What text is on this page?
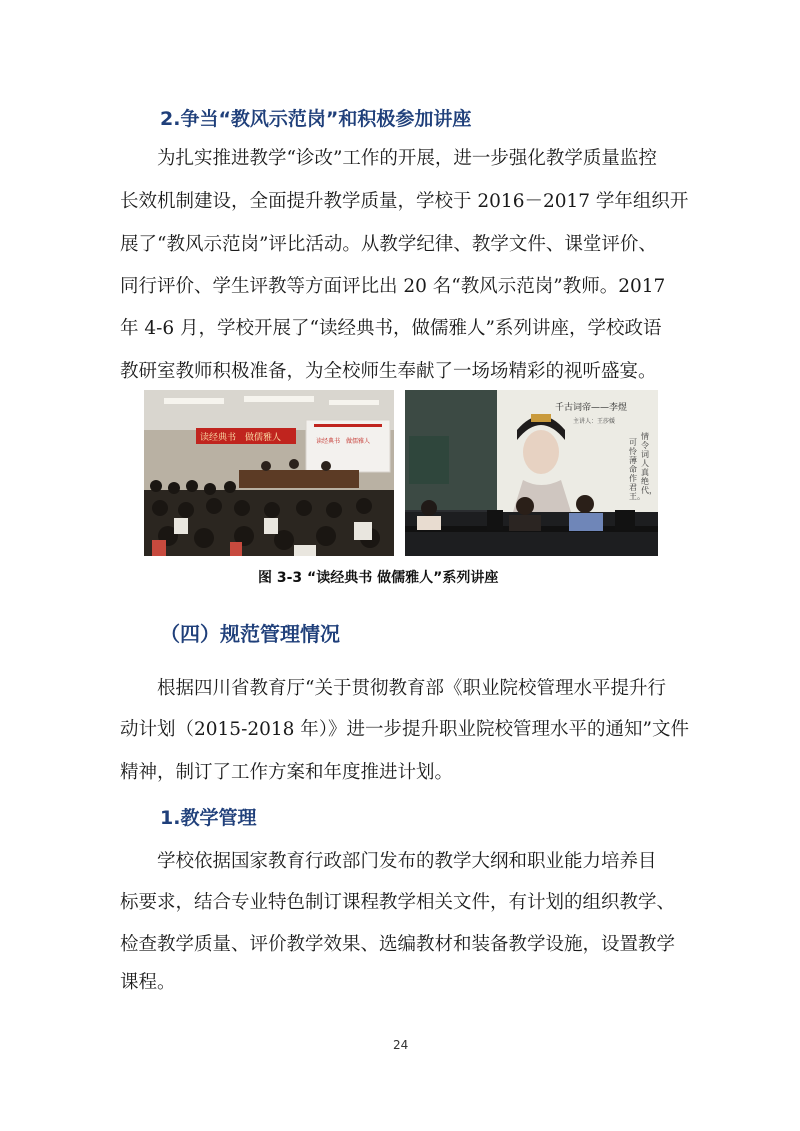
2.争当“教风示范岗”和积极参加讲座
　　为扎实推进教学“诊改”工作的开展，进一步强化教学质量监控
长效机制建设，全面提升教学质量，学校于 2016－2017 学年组织开
展了“教风示范岗”评比活动。从教学纪律、教学文件、课堂评价、
同行评价、学生评教等方面评比出 20 名“教风示范岗”教师。2017
年 4-6 月，学校开展了“读经典书，做儒雅人”系列讲座，学校政语
教研室教师积极准备，为全校师生奉献了一场场精彩的视听盛宴。
读经典书　做儒雅人	读经典书　做儒雅人
千古词帝——李煜
主讲人：王莎媛
情令词人真绝代，
可怜薄命作君王。
图 3-3 “读经典书 做儒雅人”系列讲座
（四）规范管理情况
　　根据四川省教育厅“关于贯彻教育部《职业院校管理水平提升行
动计划（2015-2018 年）》进一步提升职业院校管理水平的通知”文件
精神，制订了工作方案和年度推进计划。
1.教学管理
　　学校依据国家教育行政部门发布的教学大纲和职业能力培养目
标要求，结合专业特色制订课程教学相关文件，有计划的组织教学、
检查教学质量、评价教学效果、选编教材和装备教学设施，设置教学
课程。
24
